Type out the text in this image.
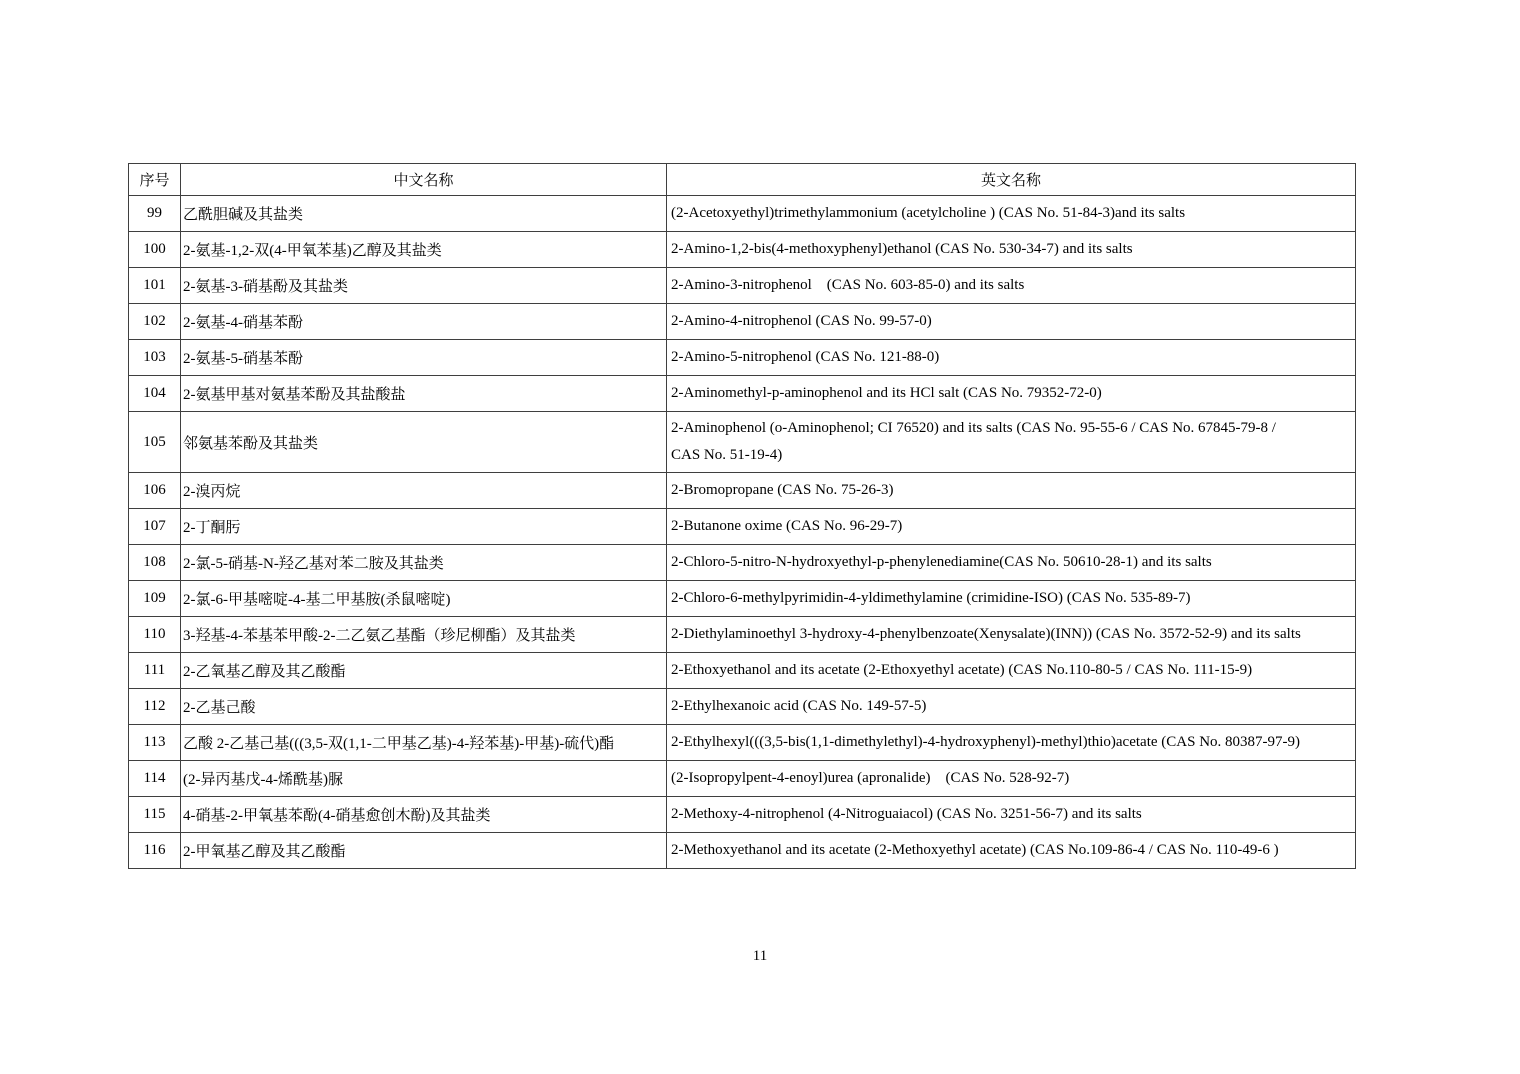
序号	中文名称	英文名称
99	乙酰胆碱及其盐类	(2-Acetoxyethyl)trimethylammonium (acetylcholine ) (CAS No. 51-84-3)and its salts
100	2-氨基-1,2-双(4-甲氧苯基)乙醇及其盐类	2-Amino-1,2-bis(4-methoxyphenyl)ethanol (CAS No. 530-34-7) and its salts
101	2-氨基-3-硝基酚及其盐类	2-Amino-3-nitrophenol    (CAS No. 603-85-0) and its salts
102	2-氨基-4-硝基苯酚	2-Amino-4-nitrophenol (CAS No. 99-57-0)
103	2-氨基-5-硝基苯酚	2-Amino-5-nitrophenol (CAS No. 121-88-0)
104	2-氨基甲基对氨基苯酚及其盐酸盐	2-Aminomethyl-p-aminophenol and its HCl salt (CAS No. 79352-72-0)
105	邻氨基苯酚及其盐类	2-Aminophenol (o-Aminophenol; CI 76520) and its salts (CAS No. 95-55-6 / CAS No. 67845-79-8 /
CAS No. 51-19-4)
106	2-溴丙烷	2-Bromopropane (CAS No. 75-26-3)
107	2-丁酮肟	2-Butanone oxime (CAS No. 96-29-7)
108	2-氯-5-硝基-N-羟乙基对苯二胺及其盐类	2-Chloro-5-nitro-N-hydroxyethyl-p-phenylenediamine(CAS No. 50610-28-1) and its salts
109	2-氯-6-甲基嘧啶-4-基二甲基胺(杀鼠嘧啶)	2-Chloro-6-methylpyrimidin-4-yldimethylamine (crimidine-ISO) (CAS No. 535-89-7)
110	3-羟基-4-苯基苯甲酸-2-二乙氨乙基酯（珍尼柳酯）及其盐类	2-Diethylaminoethyl 3-hydroxy-4-phenylbenzoate(Xenysalate)(INN)) (CAS No. 3572-52-9) and its salts
111	2-乙氧基乙醇及其乙酸酯	2-Ethoxyethanol and its acetate (2-Ethoxyethyl acetate) (CAS No.110-80-5 / CAS No. 111-15-9)
112	2-乙基己酸	2-Ethylhexanoic acid (CAS No. 149-57-5)
113	乙酸 2-乙基己基(((3,5-双(1,1-二甲基乙基)-4-羟苯基)-甲基)-硫代)酯	2-Ethylhexyl(((3,5-bis(1,1-dimethylethyl)-4-hydroxyphenyl)-methyl)thio)acetate (CAS No. 80387-97-9)
114	(2-异丙基戊-4-烯酰基)脲	(2-Isopropylpent-4-enoyl)urea (apronalide)    (CAS No. 528-92-7)
115	4-硝基-2-甲氧基苯酚(4-硝基愈创木酚)及其盐类	2-Methoxy-4-nitrophenol (4-Nitroguaiacol) (CAS No. 3251-56-7) and its salts
116	2-甲氧基乙醇及其乙酸酯	2-Methoxyethanol and its acetate (2-Methoxyethyl acetate) (CAS No.109-86-4 / CAS No. 110-49-6 )
11
